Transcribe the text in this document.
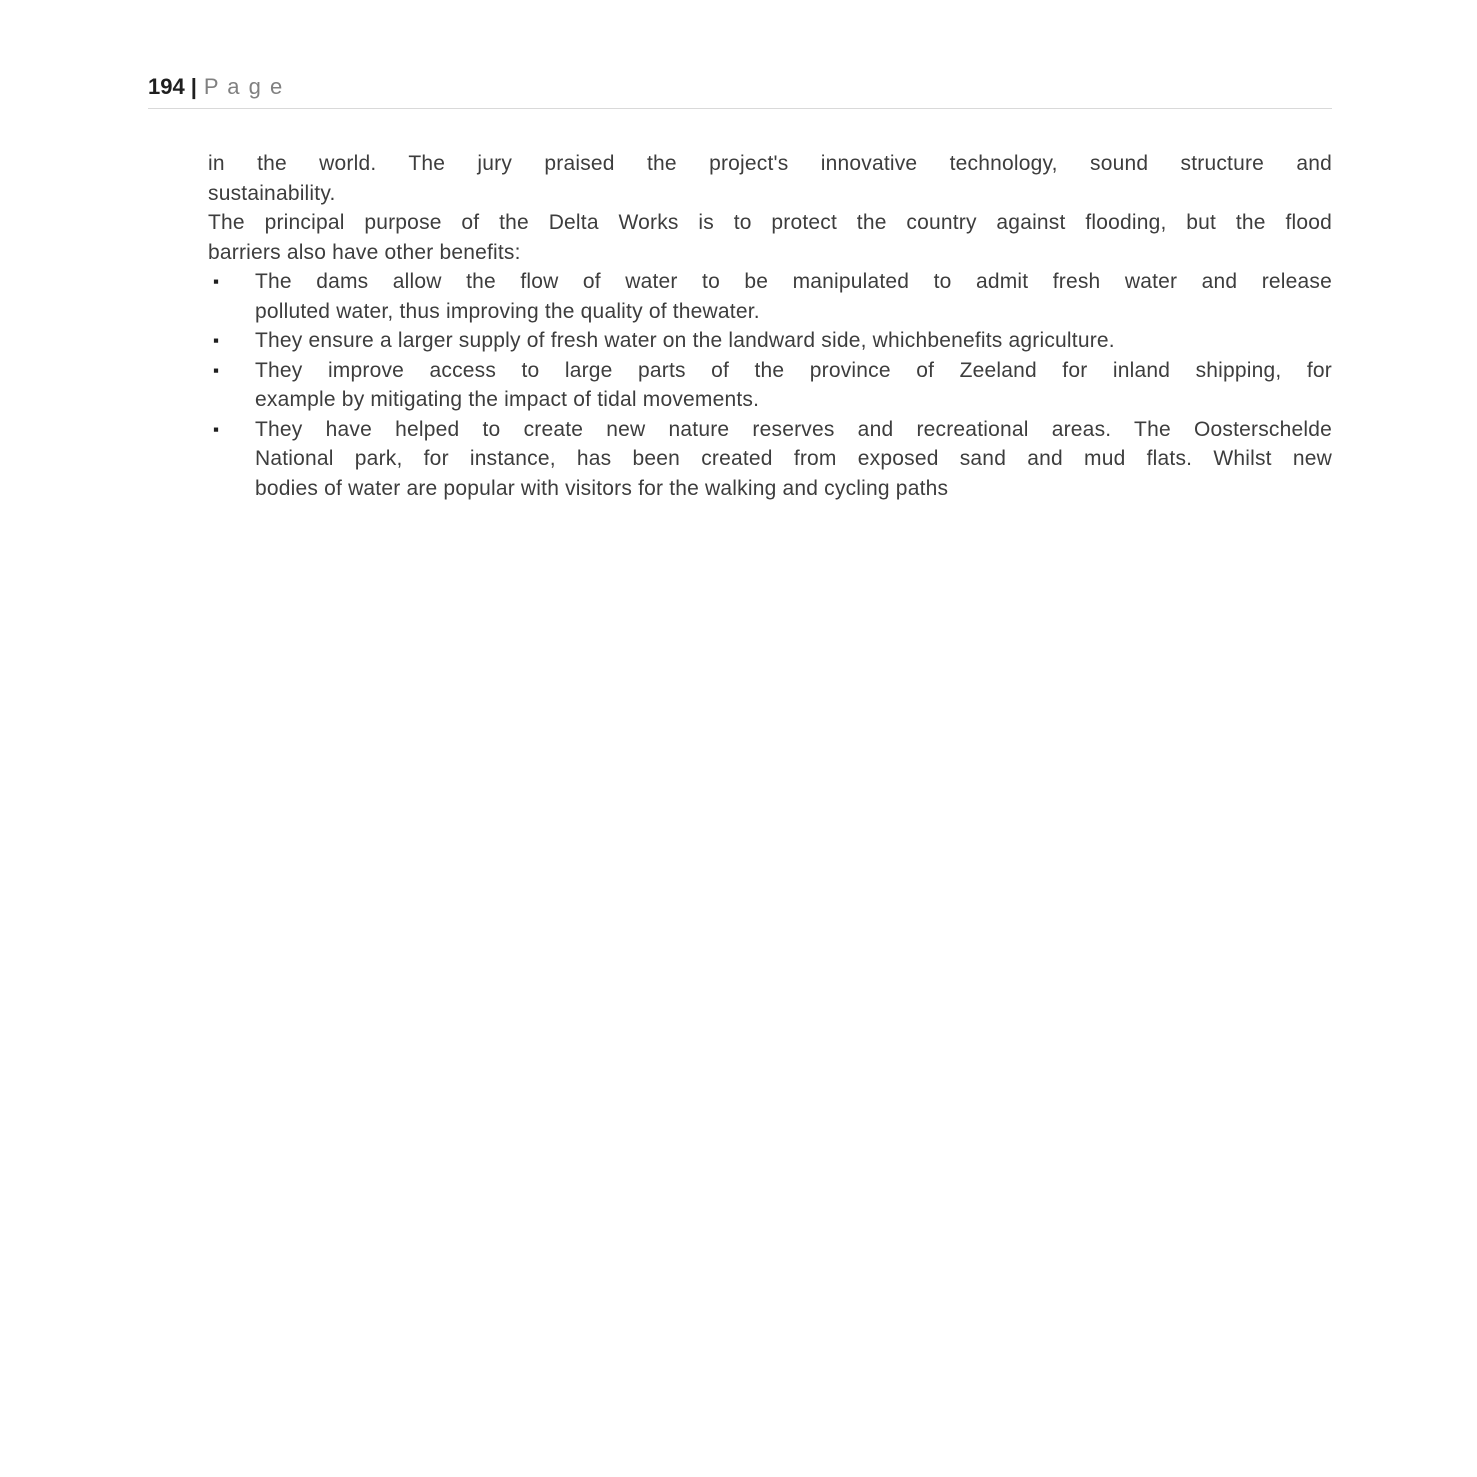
194 | P a g e
in the world. The jury praised the project's innovative technology, sound structure and
sustainability.
The principal purpose of the Delta Works is to protect the country against flooding, but the flood
barriers also have other benefits:
▪ The dams allow the flow of water to be manipulated to admit fresh water and release
polluted water, thus improving the quality of thewater.
▪ They ensure a larger supply of fresh water on the landward side, whichbenefits agriculture.
▪ They improve access to large parts of the province of Zeeland for inland shipping, for
example by mitigating the impact of tidal movements.
▪ They have helped to create new nature reserves and recreational areas. The Oosterschelde
National park, for instance, has been created from exposed sand and mud flats. Whilst new
bodies of water are popular with visitors for the walking and cycling paths
